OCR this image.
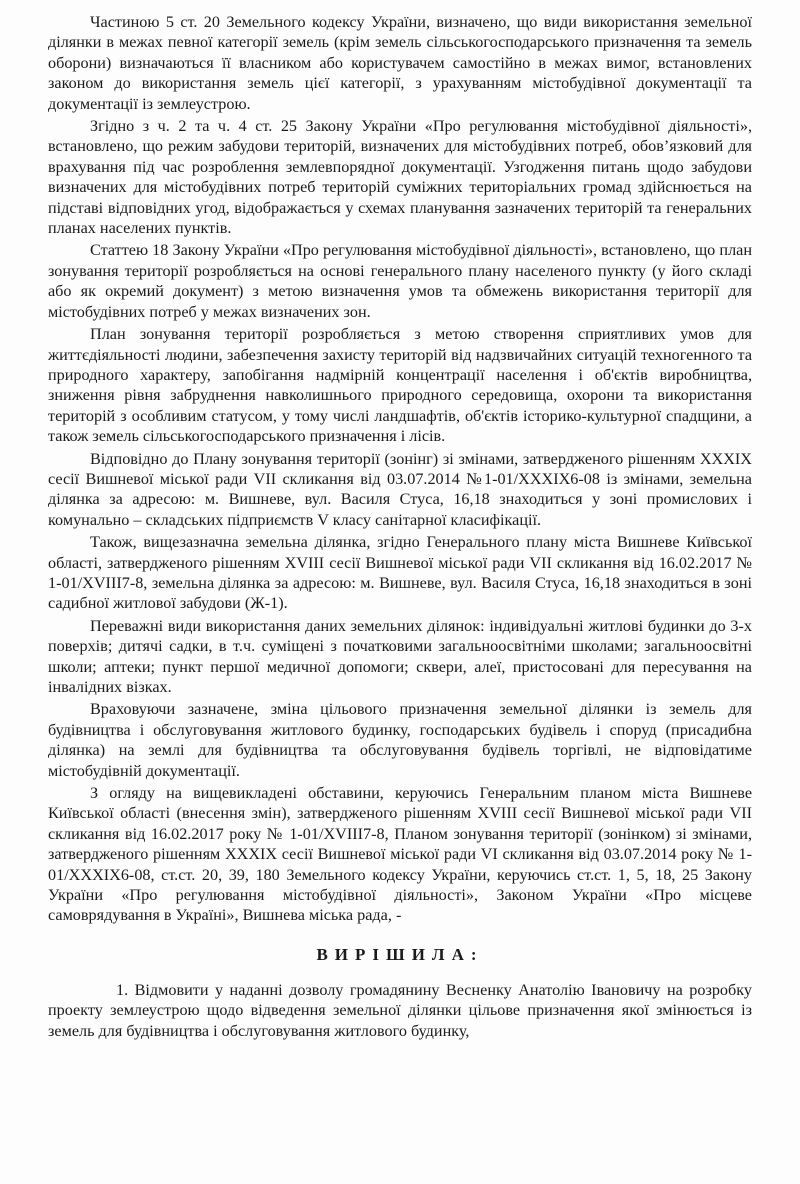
Частиною 5 ст. 20 Земельного кодексу України, визначено, що види використання земельної ділянки в межах певної категорії земель (крім земель сільськогосподарського призначення та земель оборони) визначаються її власником або користувачем самостійно в межах вимог, встановлених законом до використання земель цієї категорії, з урахуванням містобудівної документації та документації із землеустрою.

Згідно з ч. 2 та ч. 4 ст. 25 Закону України «Про регулювання містобудівної діяльності», встановлено, що режим забудови територій, визначених для містобудівних потреб, обов’язковий для врахування під час розроблення землевпорядної документації. Узгодження питань щодо забудови визначених для містобудівних потреб територій суміжних територіальних громад здійснюється на підставі відповідних угод, відображається у схемах планування зазначених територій та генеральних планах населених пунктів.

Статтею 18 Закону України «Про регулювання містобудівної діяльності», встановлено, що план зонування території розробляється на основі генерального плану населеного пункту (у його складі або як окремий документ) з метою визначення умов та обмежень використання території для містобудівних потреб у межах визначених зон.

План зонування території розробляється з метою створення сприятливих умов для життєдіяльності людини, забезпечення захисту територій від надзвичайних ситуацій техногенного та природного характеру, запобігання надмірній концентрації населення і об'єктів виробництва, зниження рівня забруднення навколишнього природного середовища, охорони та використання територій з особливим статусом, у тому числі ландшафтів, об'єктів історико-культурної спадщини, а також земель сільськогосподарського призначення і лісів.

Відповідно до Плану зонування території (зонінг) зі змінами, затвердженого рішенням XXXIX сесії Вишневої міської ради VII скликання від 03.07.2014 №1-01/XXXIX6-08 із змінами, земельна ділянка за адресою: м. Вишневе, вул. Василя Стуса, 16,18 знаходиться у зоні промислових і комунально – складських підприємств V класу санітарної класифікації.

Також, вищезазначна земельна ділянка, згідно Генерального плану міста Вишневе Київської області, затвердженого рішенням XVIII сесії Вишневої міської ради VII скликання від 16.02.2017 № 1-01/XVIII7-8, земельна ділянка за адресою: м. Вишневе, вул. Василя Стуса, 16,18 знаходиться в зоні садибної житлової забудови (Ж-1).

Переважні види використання даних земельних ділянок: індивідуальні житлові будинки до 3-х поверхів; дитячі садки, в т.ч. суміщені з початковими загальноосвітніми школами; загальноосвітні школи; аптеки; пункт першої медичної допомоги; сквери, алеї, пристосовані для пересування на інвалідних візках.

Враховуючи зазначене, зміна цільового призначення земельної ділянки із земель для будівництва і обслуговування житлового будинку, господарських будівель і споруд (присадибна ділянка) на землі для будівництва та обслуговування будівель торгівлі, не відповідатиме містобудівній документації.

З огляду на вищевикладені обставини, керуючись Генеральним планом міста Вишневе Київської області (внесення змін), затвердженого рішенням XVIII сесії Вишневої міської ради VII скликання від 16.02.2017 року № 1-01/XVIII7-8, Планом зонування території (зонінком) зі змінами, затвердженого рішенням XXXIX сесії Вишневої міської ради VI скликання від 03.07.2014 року № 1-01/XXXIX6-08, ст.ст. 20, 39, 180 Земельного кодексу України, керуючись ст.ст. 1, 5, 18, 25 Закону України «Про регулювання містобудівної діяльності», Законом України «Про місцеве самоврядування в Україні», Вишнева міська рада, -

ВИРІШИЛА:

1. Відмовити у наданні дозволу громадянину Весненку Анатолію Івановичу на розробку проекту землеустрою щодо відведення земельної ділянки цільове призначення якої змінюється із земель для будівництва і обслуговування житлового будинку,
